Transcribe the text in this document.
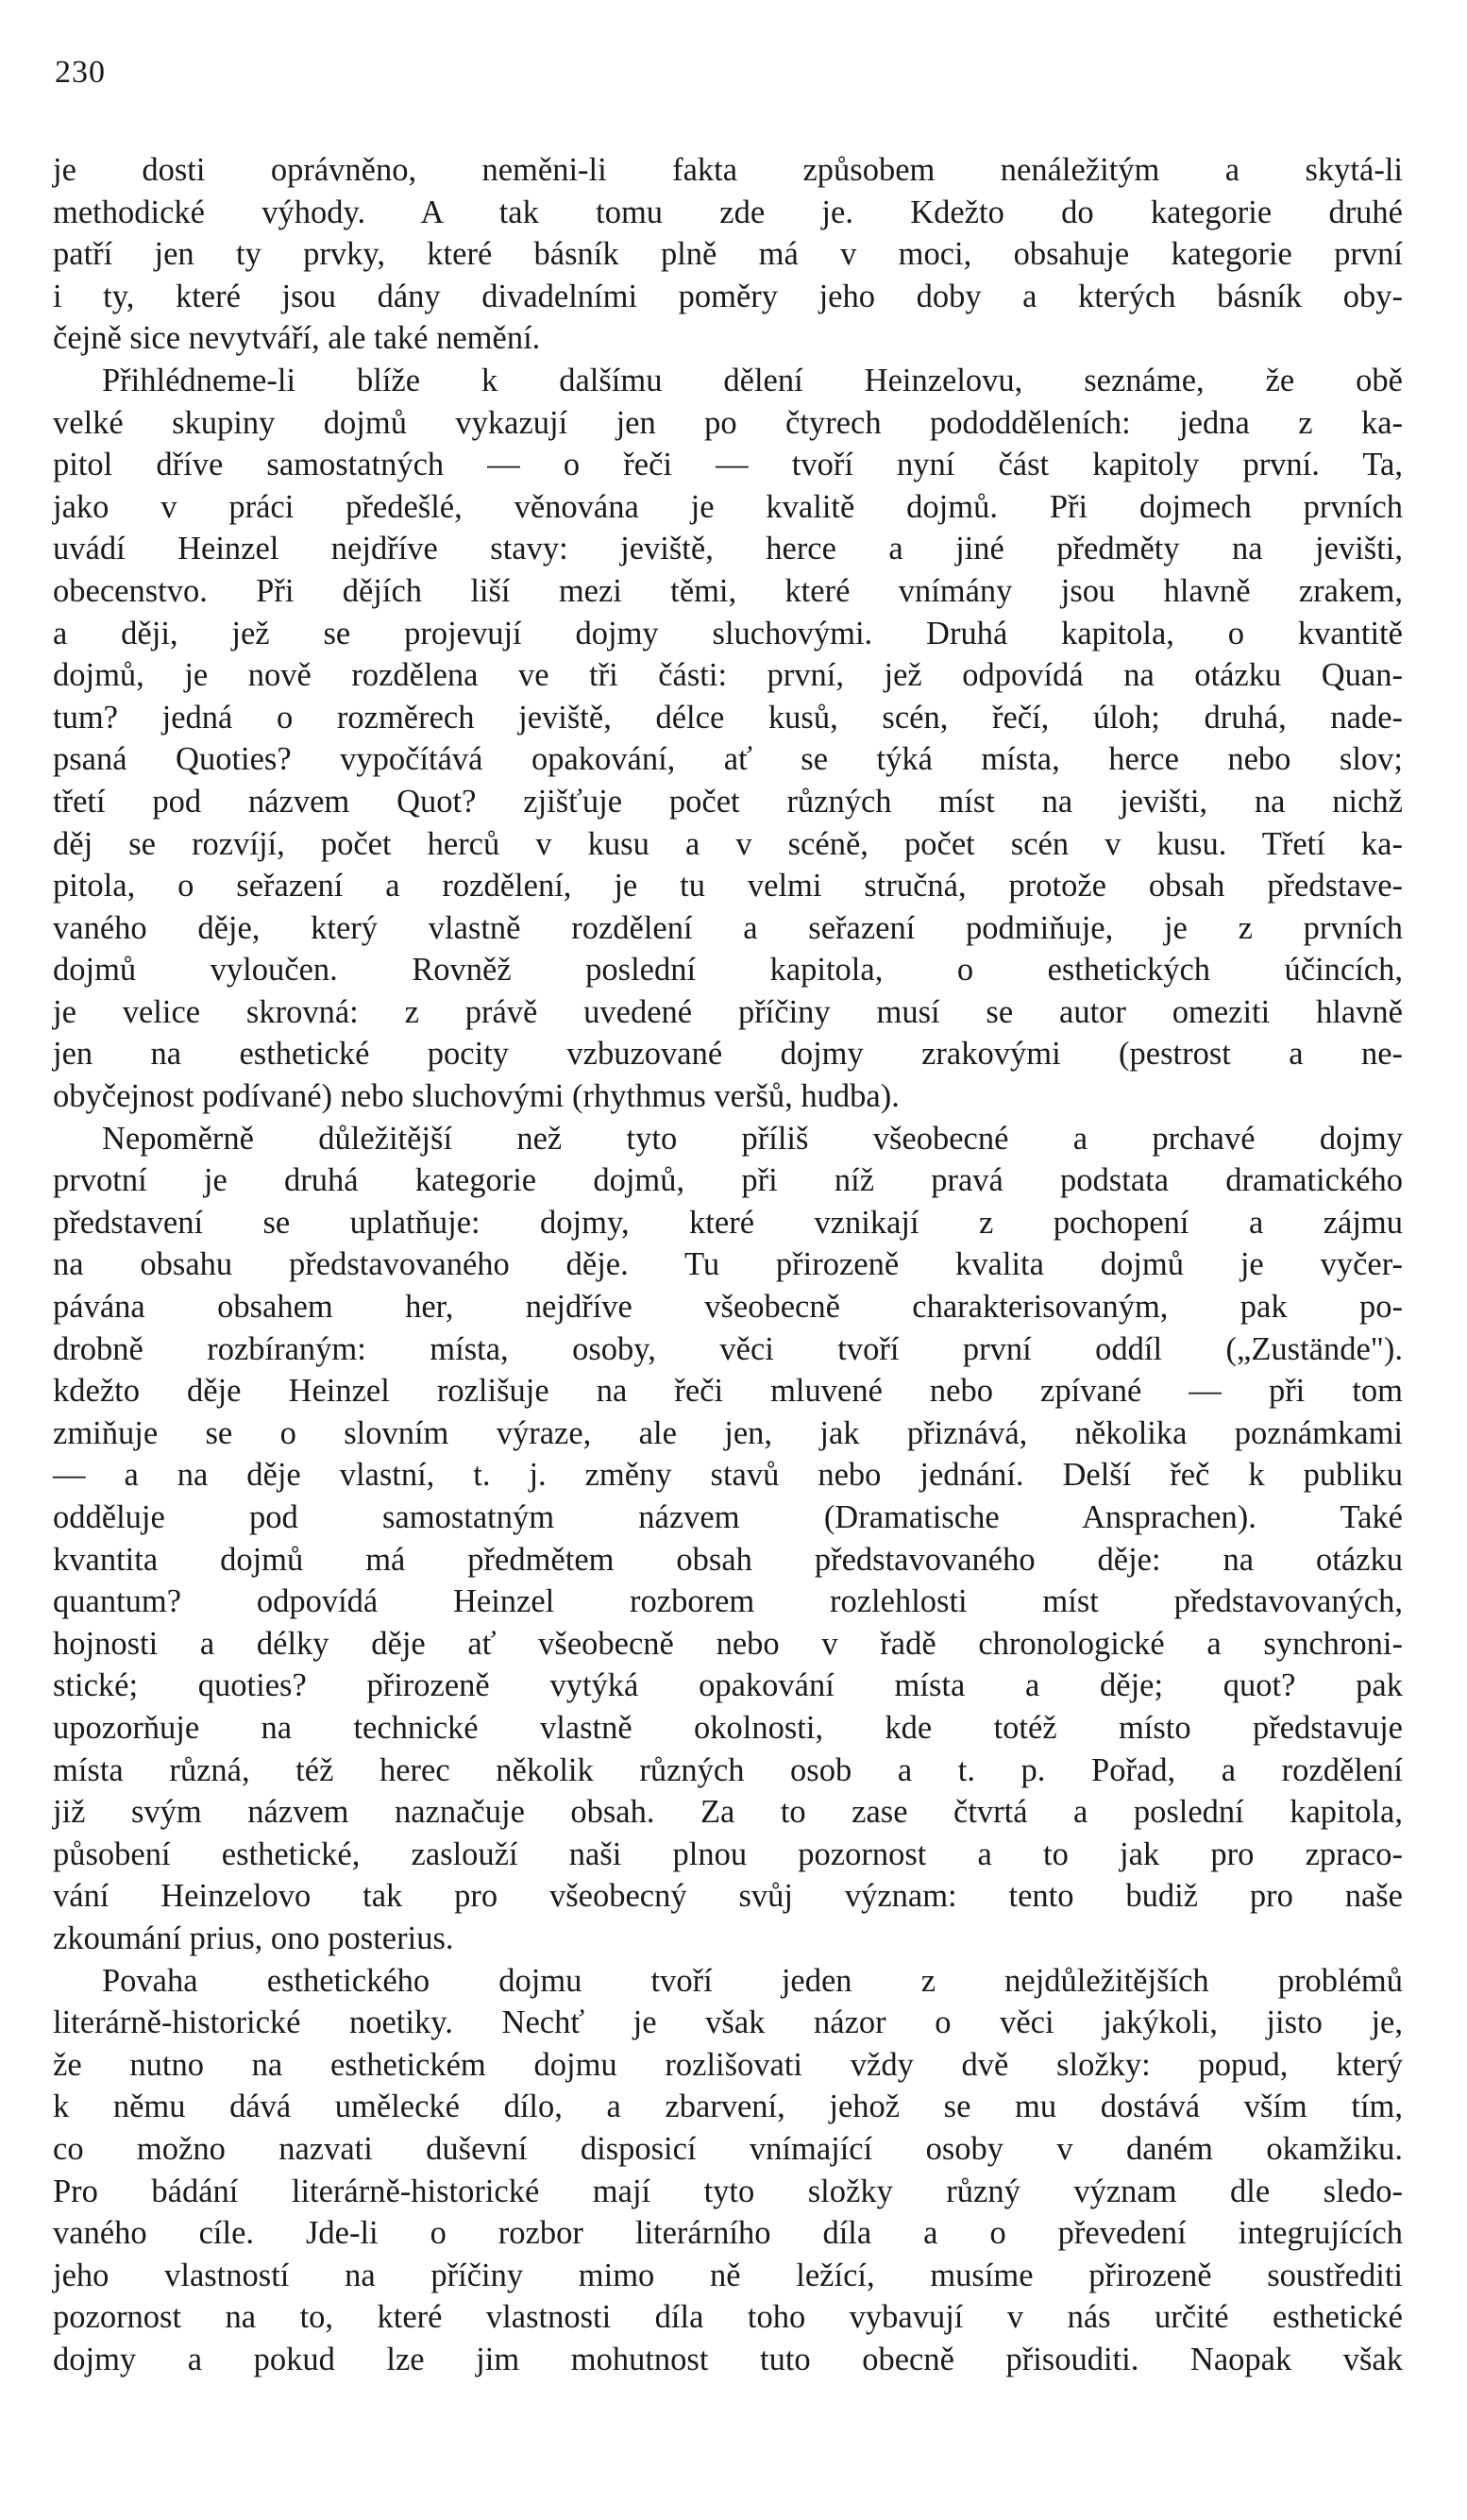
230
je dosti oprávněno, neměni-li fakta způsobem nenáležitým a skytá-li
methodické výhody. A tak tomu zde je. Kdežto do kategorie druhé
patří jen ty prvky, které básník plně má v moci, obsahuje kategorie první
i ty, které jsou dány divadelními poměry jeho doby a kterých básník oby-
čejně sice nevytváří, ale také nemění.
Přihlédneme-li blíže k dalšímu dělení Heinzelovu, seznáme, že obě
velké skupiny dojmů vykazují jen po čtyrech pododděleních: jedna z ka-
pitol dříve samostatných — o řeči — tvoří nyní část kapitoly první. Ta,
jako v práci předešlé, věnována je kvalitě dojmů. Při dojmech prvních
uvádí Heinzel nejdříve stavy: jeviště, herce a jiné předměty na jevišti,
obecenstvo. Při dějích liší mezi těmi, které vnímány jsou hlavně zrakem,
a ději, jež se projevují dojmy sluchovými. Druhá kapitola, o kvantitě
dojmů, je nově rozdělena ve tři části: první, jež odpovídá na otázku Quan-
tum? jedná o rozměrech jeviště, délce kusů, scén, řečí, úloh; druhá, nade-
psaná Quoties? vypočítává opakování, ať se týká místa, herce nebo slov;
třetí pod názvem Quot? zjišťuje počet různých míst na jevišti, na nichž
děj se rozvíjí, počet herců v kusu a v scéně, počet scén v kusu. Třetí ka-
pitola, o seřazení a rozdělení, je tu velmi stručná, protože obsah představe-
vaného děje, který vlastně rozdělení a seřazení podmiňuje, je z prvních
dojmů vyloučen. Rovněž poslední kapitola, o esthetických účincích,
je velice skrovná: z právě uvedené příčiny musí se autor omeziti hlavně
jen na esthetické pocity vzbuzované dojmy zrakovými (pestrost a ne-
obyčejnost podívané) nebo sluchovými (rhythmus veršů, hudba).
Nepoměrně důležitější než tyto příliš všeobecné a prchavé dojmy
prvotní je druhá kategorie dojmů, při níž pravá podstata dramatického
představení se uplatňuje: dojmy, které vznikají z pochopení a zájmu
na obsahu představovaného děje. Tu přirozeně kvalita dojmů je vyčer-
pávána obsahem her, nejdříve všeobecně charakterisovaným, pak po-
drobně rozbíraným: místa, osoby, věci tvoří první oddíl („Zustände").
kdežto děje Heinzel rozlišuje na řeči mluvené nebo zpívané — při tom
zmiňuje se o slovním výraze, ale jen, jak přiznává, několika poznámkami
— a na děje vlastní, t. j. změny stavů nebo jednání. Delší řeč k publiku
odděluje pod samostatným názvem (Dramatische Ansprachen). Také
kvantita dojmů má předmětem obsah představovaného děje: na otázku
quantum? odpovídá Heinzel rozborem rozlehlosti míst představovaných,
hojnosti a délky děje ať všeobecně nebo v řadě chronologické a synchroni-
stické; quoties? přirozeně vytýká opakování místa a děje; quot? pak
upozorňuje na technické vlastně okolnosti, kde totéž místo představuje
místa různá, též herec několik různých osob a t. p. Pořad, a rozdělení
již svým názvem naznačuje obsah. Za to zase čtvrtá a poslední kapitola,
působení esthetické, zaslouží naši plnou pozornost a to jak pro zpraco-
vání Heinzelovo tak pro všeobecný svůj význam: tento budiž pro naše
zkoumání prius, ono posterius.
Povaha esthetického dojmu tvoří jeden z nejdůležitějších problémů
literárně-historické noetiky. Nechť je však názor o věci jakýkoli, jisto je,
že nutno na esthetickém dojmu rozlišovati vždy dvě složky: popud, který
k němu dává umělecké dílo, a zbarvení, jehož se mu dostává vším tím,
co možno nazvati duševní disposicí vnímající osoby v daném okamžiku.
Pro bádání literárně-historické mají tyto složky různý význam dle sledo-
vaného cíle. Jde-li o rozbor literárního díla a o převedení integrujících
jeho vlastností na příčiny mimo ně ležící, musíme přirozeně soustřediti
pozornost na to, které vlastnosti díla toho vybavují v nás určité esthetické
dojmy a pokud lze jim mohutnost tuto obecně přisouditi. Naopak však
